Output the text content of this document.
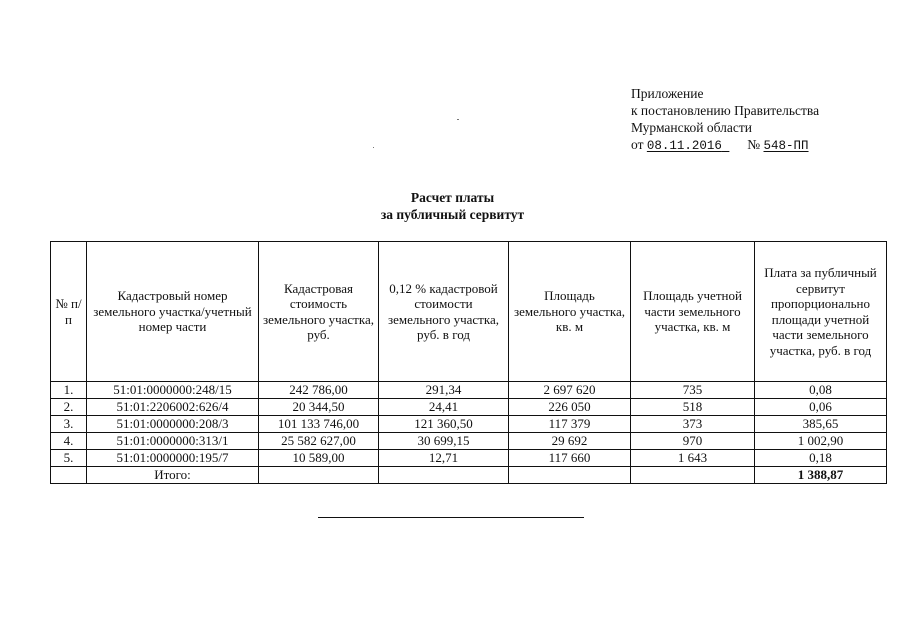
Приложение
к постановлению Правительства
Мурманской области
от 08.11.2016 № 548-ПП
Расчет платы
за публичный сервитут
№ п/п	Кадастровый номер земельного участка/учетный номер части	Кадастровая стоимость земельного участка, руб.	0,12 % кадастровой стоимости земельного участка, руб. в год	Площадь земельного участка, кв. м	Площадь учетной части земельного участка, кв. м	Плата за публичный сервитут пропорционально площади учетной части земельного участка, руб. в год
1.	51:01:0000000:248/15	242 786,00	291,34	2 697 620	735	0,08
2.	51:01:2206002:626/4	20 344,50	24,41	226 050	518	0,06
3.	51:01:0000000:208/3	101 133 746,00	121 360,50	117 379	373	385,65
4.	51:01:0000000:313/1	25 582 627,00	30 699,15	29 692	970	1 002,90
5.	51:01:0000000:195/7	10 589,00	12,71	117 660	1 643	0,18
	Итого:					1 388,87
